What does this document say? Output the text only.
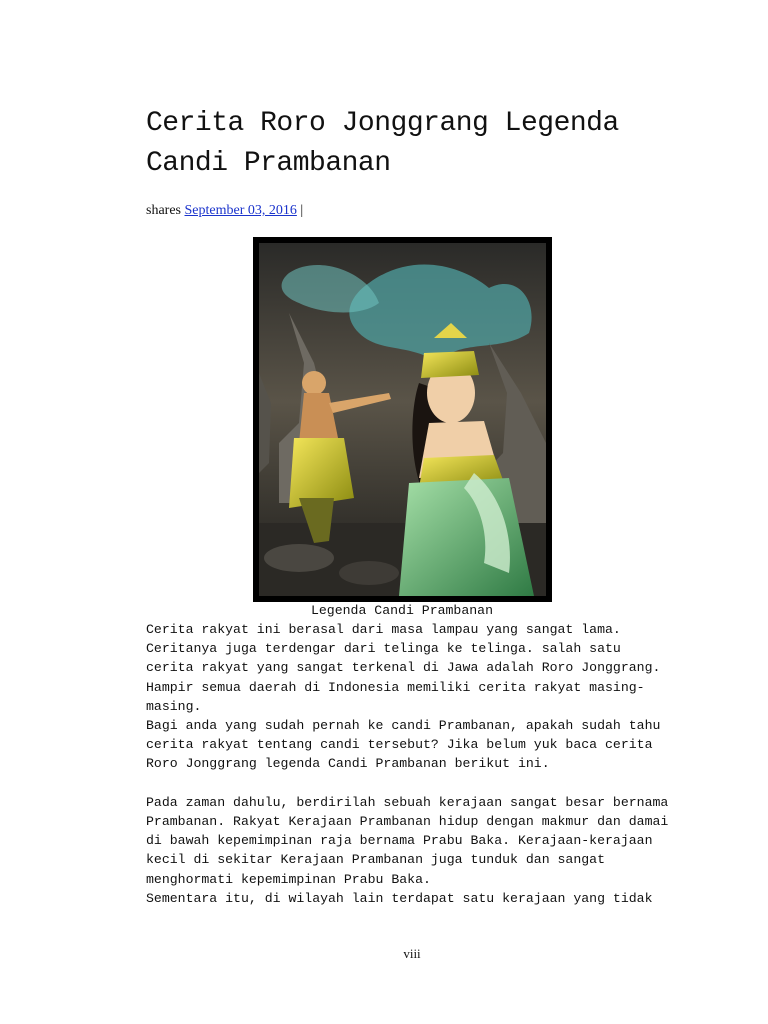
Cerita Roro Jonggrang Legenda Candi Prambanan
shares September 03, 2016 |
Legenda Candi Prambanan

Cerita rakyat ini berasal dari masa lampau yang sangat lama.

Ceritanya juga terdengar dari telinga ke telinga. salah satu

cerita rakyat yang sangat terkenal di Jawa adalah Roro Jonggrang.

Hampir semua daerah di Indonesia memiliki cerita rakyat masing-

masing.

Bagi anda yang sudah pernah ke candi Prambanan, apakah sudah tahu

cerita rakyat tentang candi tersebut? Jika belum yuk baca cerita

Roro Jonggrang legenda Candi Prambanan berikut ini.

Pada zaman dahulu, berdirilah sebuah kerajaan sangat besar bernama

Prambanan. Rakyat Kerajaan Prambanan hidup dengan makmur dan damai

di bawah kepemimpinan raja bernama Prabu Baka. Kerajaan-kerajaan

kecil di sekitar Kerajaan Prambanan juga tunduk dan sangat

menghormati kepemimpinan Prabu Baka.

Sementara itu, di wilayah lain terdapat satu kerajaan yang tidak

viii
